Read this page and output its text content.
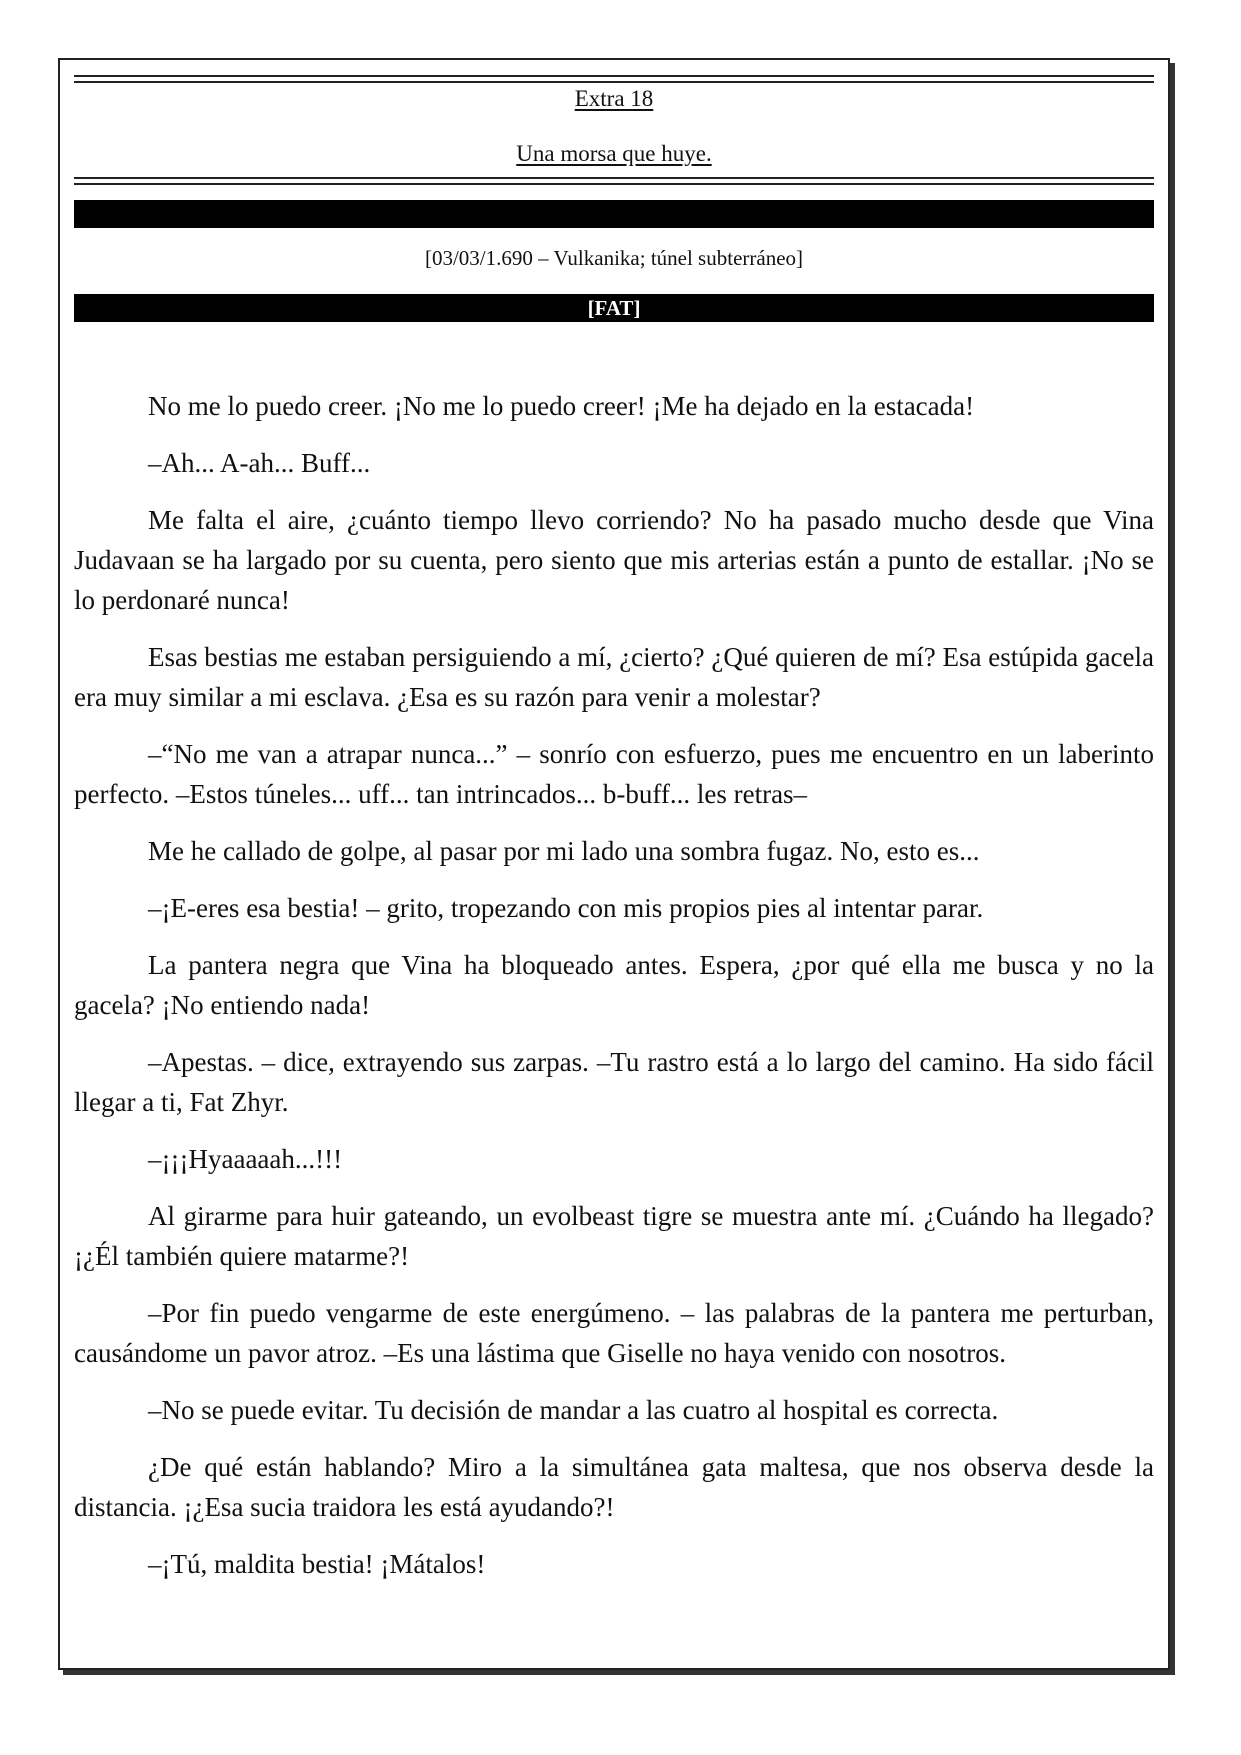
Extra 18
Una morsa que huye.
[03/03/1.690 – Vulkanika; túnel subterráneo]
[FAT]

No me lo puedo creer. ¡No me lo puedo creer! ¡Me ha dejado en la estacada!

–Ah... A-ah... Buff...

Me falta el aire, ¿cuánto tiempo llevo corriendo? No ha pasado mucho desde que Vina Judavaan se ha largado por su cuenta, pero siento que mis arterias están a punto de estallar. ¡No se lo perdonaré nunca!

Esas bestias me estaban persiguiendo a mí, ¿cierto? ¿Qué quieren de mí? Esa estúpida gacela era muy similar a mi esclava. ¿Esa es su razón para venir a molestar?

–“No me van a atrapar nunca...” – sonrío con esfuerzo, pues me encuentro en un laberinto perfecto. –Estos túneles... uff... tan intrincados... b-buff... les retras–

Me he callado de golpe, al pasar por mi lado una sombra fugaz. No, esto es...

–¡E-eres esa bestia! – grito, tropezando con mis propios pies al intentar parar.

La pantera negra que Vina ha bloqueado antes. Espera, ¿por qué ella me busca y no la gacela? ¡No entiendo nada!

–Apestas. – dice, extrayendo sus zarpas. –Tu rastro está a lo largo del camino. Ha sido fácil llegar a ti, Fat Zhyr.

–¡¡¡Hyaaaaah...!!!

Al girarme para huir gateando, un evolbeast tigre se muestra ante mí. ¿Cuándo ha llegado? ¡¿Él también quiere matarme?!

–Por fin puedo vengarme de este energúmeno. – las palabras de la pantera me perturban, causándome un pavor atroz. –Es una lástima que Giselle no haya venido con nosotros.

–No se puede evitar. Tu decisión de mandar a las cuatro al hospital es correcta.

¿De qué están hablando? Miro a la simultánea gata maltesa, que nos observa desde la distancia. ¡¿Esa sucia traidora les está ayudando?!

–¡Tú, maldita bestia! ¡Mátalos!
